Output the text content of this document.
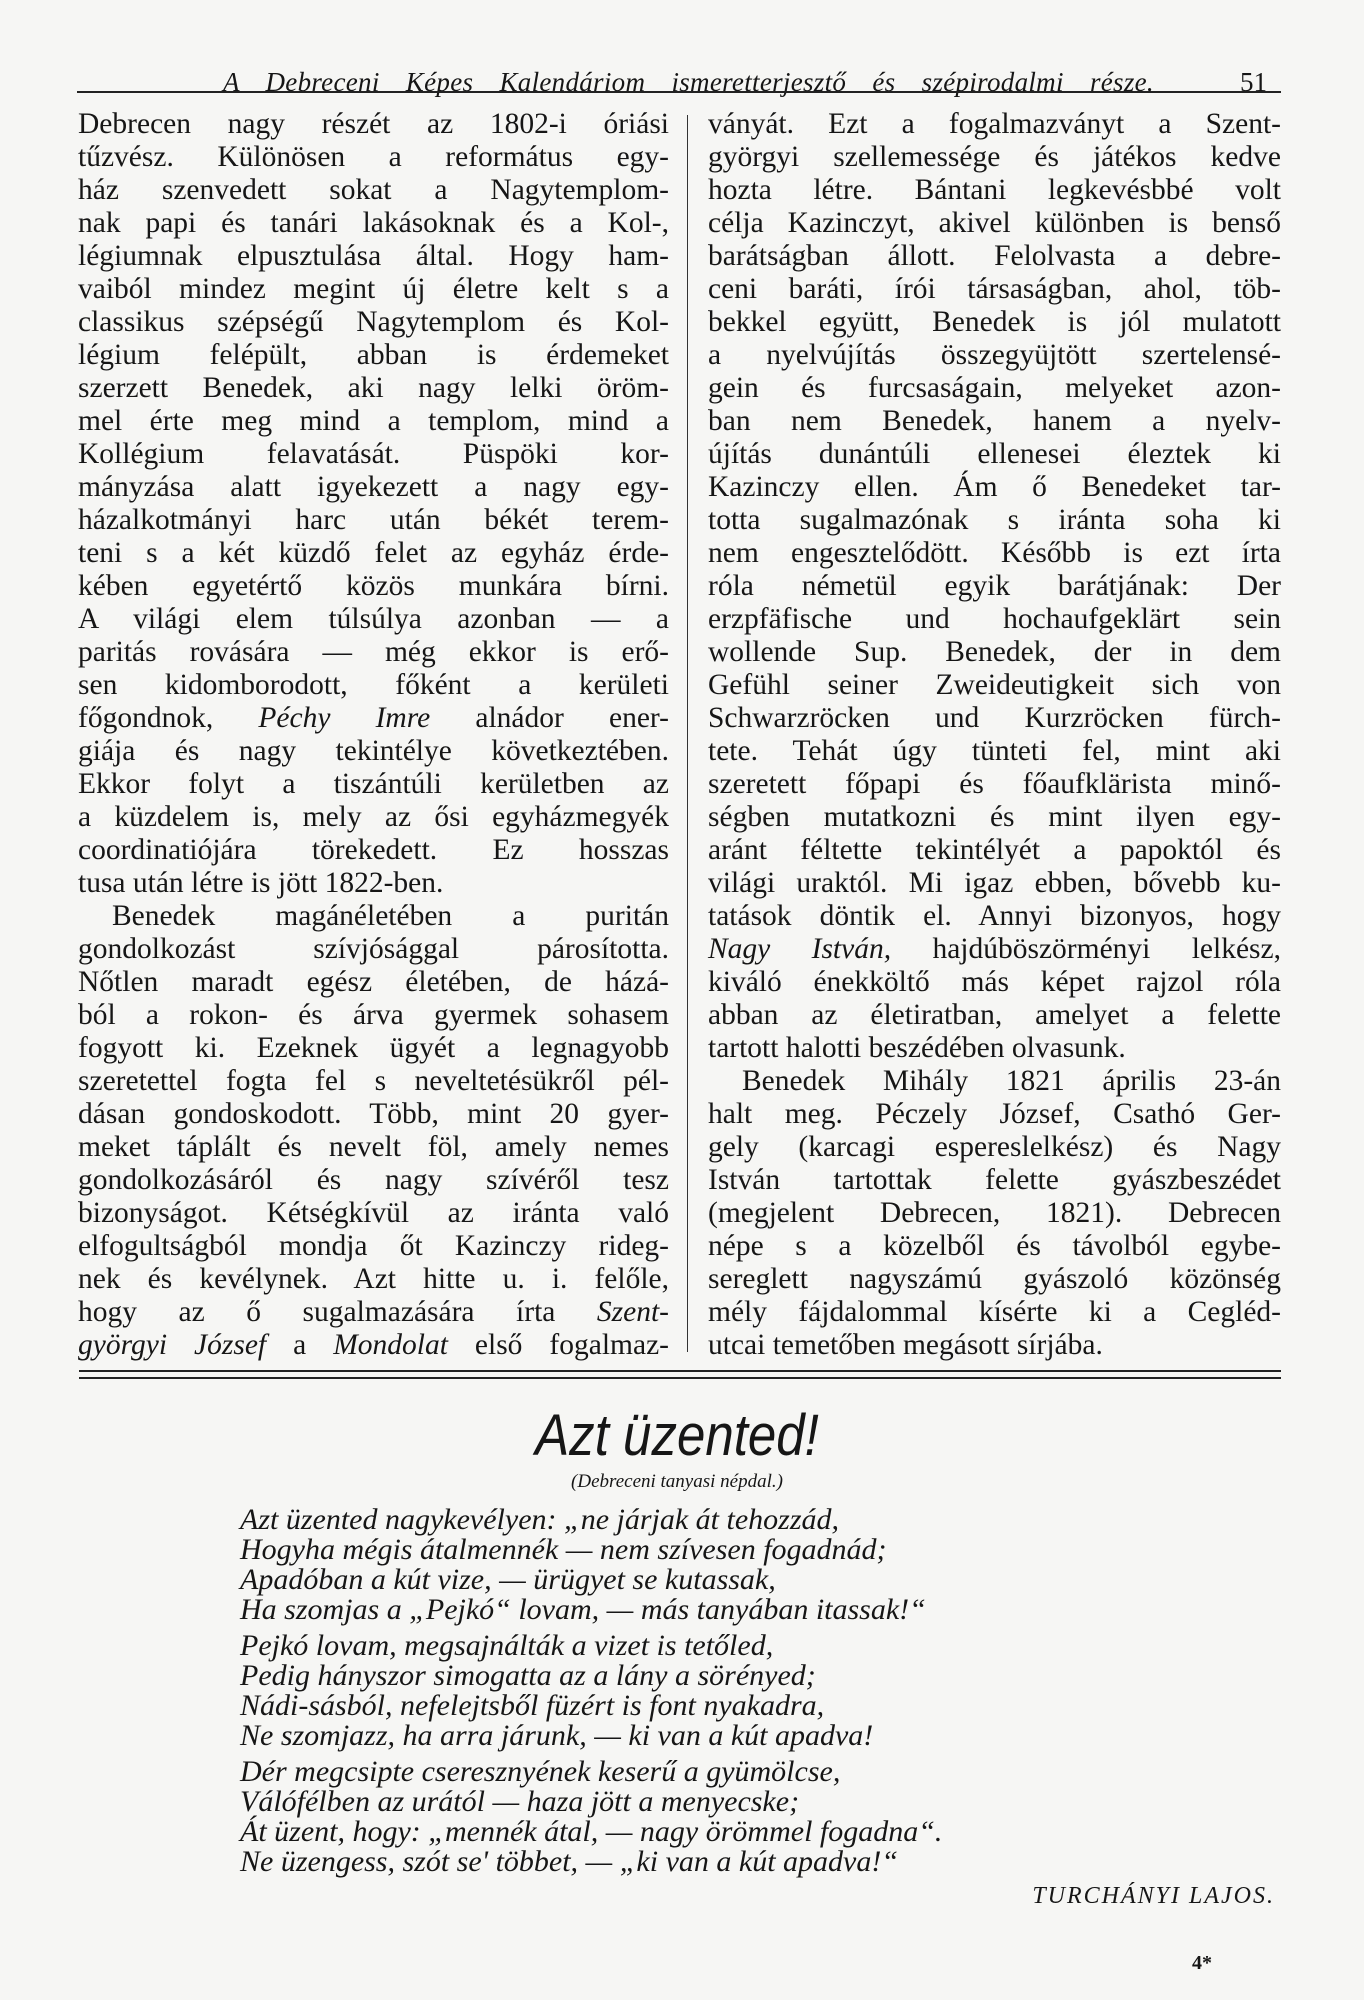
A Debreceni Képes Kalendáriom ismeretterjesztő és szépirodalmi része.	51
Debrecen nagy részét az 1802-i óriási
tűzvész. Különösen a református egy-
ház szenvedett sokat a Nagytemplom-
nak papi és tanári lakásoknak és a Kol-,
légiumnak elpusztulása által. Hogy ham-
vaiból mindez megint új életre kelt s a
classikus szépségű Nagytemplom és Kol-
légium felépült, abban is érdemeket
szerzett Benedek, aki nagy lelki öröm-
mel érte meg mind a templom, mind a
Kollégium felavatását. Püspöki kor-
mányzása alatt igyekezett a nagy egy-
házalkotmányi harc után békét terem-
teni s a két küzdő felet az egyház érde-
kében egyetértő közös munkára bírni.
A világi elem túlsúlya azonban — a
paritás rovására — még ekkor is erő-
sen kidomborodott, főként a kerületi
főgondnok, Péchy Imre alnádor ener-
giája és nagy tekintélye következtében.
Ekkor folyt a tiszántúli kerületben az
a küzdelem is, mely az ősi egyházmegyék
coordinatiójára törekedett. Ez hosszas
tusa után létre is jött 1822-ben.
Benedek magánéletében a puritán
gondolkozást szívjósággal párosította.
Nőtlen maradt egész életében, de házá-
ból a rokon- és árva gyermek sohasem
fogyott ki. Ezeknek ügyét a legnagyobb
szeretettel fogta fel s neveltetésükről pél-
dásan gondoskodott. Több, mint 20 gyer-
meket táplált és nevelt föl, amely nemes
gondolkozásáról és nagy szívéről tesz
bizonyságot. Kétségkívül az iránta való
elfogultságból mondja őt Kazinczy rideg-
nek és kevélynek. Azt hitte u. i. felőle,
hogy az ő sugalmazására írta Szent-
györgyi József a Mondolat első fogalmaz-
ványát. Ezt a fogalmazványt a Szent-
györgyi szellemessége és játékos kedve
hozta létre. Bántani legkevésbbé volt
célja Kazinczyt, akivel különben is benső
barátságban állott. Felolvasta a debre-
ceni baráti, írói társaságban, ahol, töb-
bekkel együtt, Benedek is jól mulatott
a nyelvújítás összegyüjtött szertelensé-
gein és furcsaságain, melyeket azon-
ban nem Benedek, hanem a nyelv-
újítás dunántúli ellenesei éleztek ki
Kazinczy ellen. Ám ő Benedeket tar-
totta sugalmazónak s iránta soha ki
nem engesztelődött. Később is ezt írta
róla németül egyik barátjának: Der
erzpfäfische und hochaufgeklärt sein
wollende Sup. Benedek, der in dem
Gefühl seiner Zweideutigkeit sich von
Schwarzröcken und Kurzröcken fürch-
tete. Tehát úgy tünteti fel, mint aki
szeretett főpapi és főaufklärista minő-
ségben mutatkozni és mint ilyen egy-
aránt féltette tekintélyét a papoktól és
világi uraktól. Mi igaz ebben, bővebb ku-
tatások döntik el. Annyi bizonyos, hogy
Nagy István, hajdúböszörményi lelkész,
kiváló énekköltő más képet rajzol róla
abban az életiratban, amelyet a felette
tartott halotti beszédében olvasunk.
Benedek Mihály 1821 április 23-án
halt meg. Péczely József, Csathó Ger-
gely (karcagi espereslelkész) és Nagy
István tartottak felette gyászbeszédet
(megjelent Debrecen, 1821). Debrecen
népe s a közelből és távolból egybe-
sereglett nagyszámú gyászoló közönség
mély fájdalommal kísérte ki a Cegléd-
utcai temetőben megásott sírjába.
Azt üzented!
(Debreceni tanyasi népdal.)
Azt üzented nagykevélyen: „ne járjak át tehozzád,
Hogyha mégis átalmennék — nem szívesen fogadnád;
Apadóban a kút vize, — ürügyet se kutassak,
Ha szomjas a „Pejkó“ lovam, — más tanyában itassak!“
Pejkó lovam, megsajnálták a vizet is tetőled,
Pedig hányszor simogatta az a lány a sörényed;
Nádi-sásból, nefelejtsből füzért is font nyakadra,
Ne szomjazz, ha arra járunk, — ki van a kút apadva!
Dér megcsipte cseresznyének keserű a gyümölcse,
Válófélben az urától — haza jött a menyecske;
Át üzent, hogy: „mennék átal, — nagy örömmel fogadna“.
Ne üzengess, szót se' többet, — „ki van a kút apadva!“
TURCHÁNYI LAJOS.
4*
